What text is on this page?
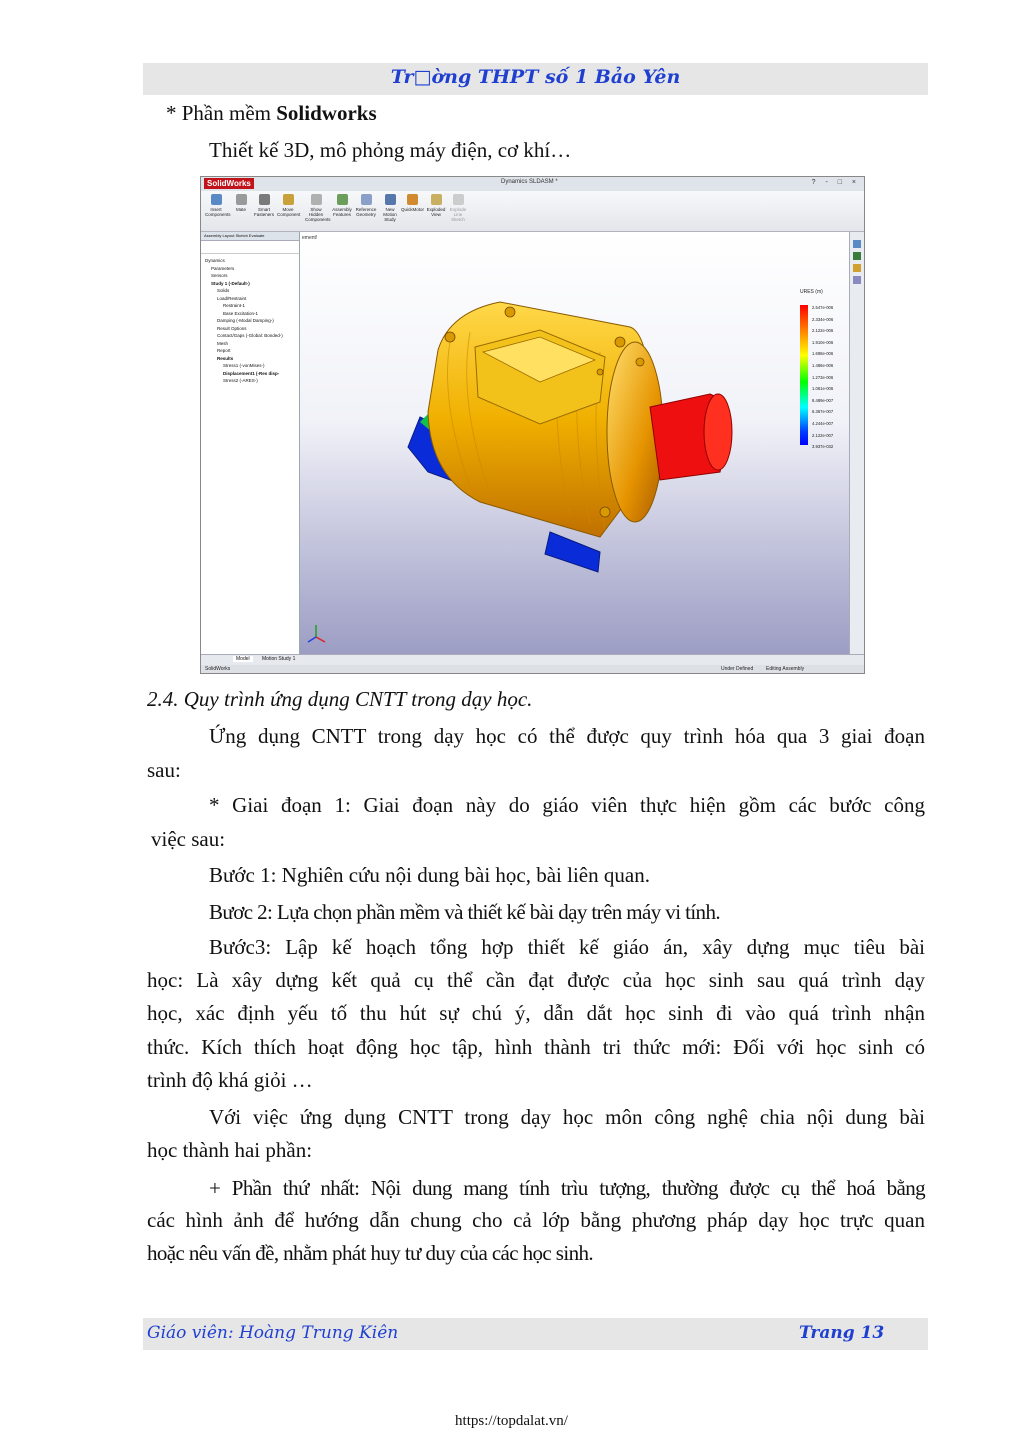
Tr□ờng THPT số 1 Bảo Yên
* Phần mềm Solidworks
Thiết kế 3D, mô phỏng máy điện, cơ khí…
SolidWorks	Dynamics SLDASM *	? - □ ×
Insert Components
Mate	Smart Fasteners
Move Component
Show Hidden Components
Assembly Features
Reference Geometry
New Motion Study
QuickMotor Exploded View
Explode Line Sketch
Assembly Layout Sketch Evaluate
Dynamics
Parameters
Sensors
Study 1 (-Default-)
Solids
Load/Restraint
Restraint-1
Base Excitation-1
Damping (-Modal Damping-)
Result Options
Contact/Gaps (-Global: Bonded-)
Mesh
Report
Results
Stress1 (-vonMises-)
Displacement1 (-Res disp-
Stress2 (-ARES-)
ement!
URES (m)
2.547e-006
2.334e-006
2.122e-006
1.910e-006
1.698e-006
1.486e-006
1.273e-006
1.061e-006
8.489e-007
6.367e-007
4.244e-007
2.122e-007
3.937e-032
Model	Motion Study 1
SolidWorks	Under Defined	Editing Assembly
2.4. Quy trình ứng dụng CNTT trong dạy học.
Ứng dụng CNTT trong dạy học có thể được quy trình hóa qua 3 giai đoạn
sau:
* Giai đoạn 1: Giai đoạn này do giáo viên thực hiện gồm các bước công
việc sau:
Bước 1: Nghiên cứu nội dung bài học, bài liên quan.
Bươc 2: Lựa chọn phần mềm và thiết kế bài dạy trên máy vi tính.
Bước3: Lập kế hoạch tổng hợp thiết kế giáo án, xây dựng mục tiêu bài
học: Là xây dựng kết quả cụ thể cần đạt được của học sinh sau quá trình dạy
học, xác định yếu tố thu hút sự chú ý, dẫn dắt học sinh đi vào quá trình nhận
thức. Kích thích hoạt động học tập, hình thành tri thức mới: Đối với học sinh có
trình độ khá giỏi …
Với việc ứng dụng CNTT trong dạy học môn công nghệ chia nội dung bài
học thành hai phần:
+ Phần thứ nhất: Nội dung mang tính trìu tượng, thường được cụ thể hoá bằng
các hình ảnh để hướng dẫn chung cho cả lớp bằng phương pháp dạy học trực quan
hoặc nêu vấn đề, nhằm phát huy tư duy của các học sinh.
Giáo viên: Hoàng Trung Kiên	Trang 13
https://topdalat.vn/
